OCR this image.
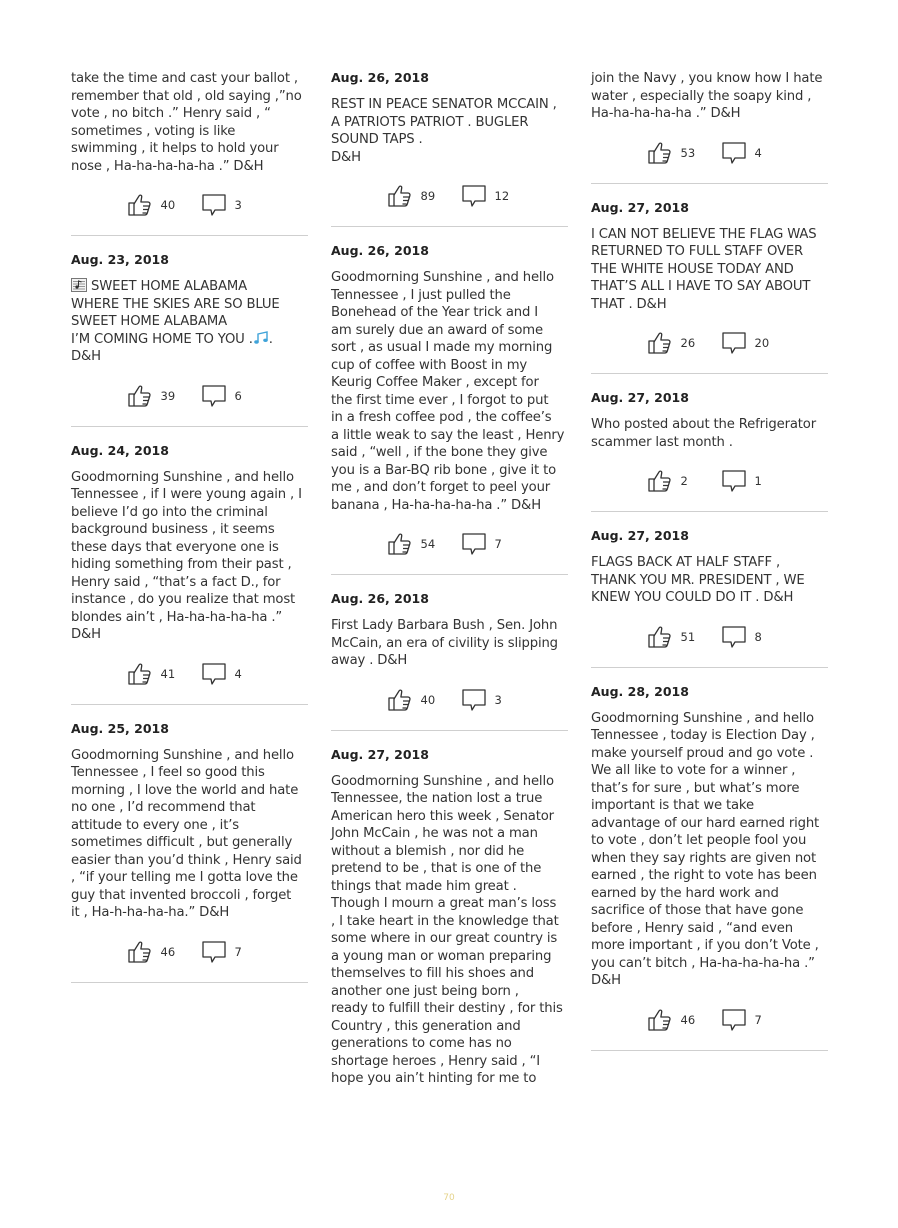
take the time and cast your ballot ,
remember that old , old saying ,”no
vote , no bitch .” Henry said , “
sometimes , voting is like
swimming , it helps to hold your
nose , Ha-ha-ha-ha-ha .” D&H
40	3
Aug. 23, 2018
SWEET HOME ALABAMA
WHERE THE SKIES ARE SO BLUE
SWEET HOME ALABAMA
I’M COMING HOME TO YOU . .
D&H
39	6
Aug. 24, 2018
Goodmorning Sunshine , and hello
Tennessee , if I were young again , I
believe I’d go into the criminal
background business , it seems
these days that everyone one is
hiding something from their past ,
Henry said , “that’s a fact D., for
instance , do you realize that most
blondes ain’t , Ha-ha-ha-ha-ha .”
D&H
41	4
Aug. 25, 2018
Goodmorning Sunshine , and hello
Tennessee , I feel so good this
morning , I love the world and hate
no one , I’d recommend that
attitude to every one , it’s
sometimes difficult , but generally
easier than you’d think , Henry said
, “if your telling me I gotta love the
guy that invented broccoli , forget
it , Ha-h-ha-ha-ha.” D&H
46	7
Aug. 26, 2018
REST IN PEACE SENATOR MCCAIN ,
A PATRIOTS PATRIOT . BUGLER
SOUND TAPS .
D&H
89	12
Aug. 26, 2018
Goodmorning Sunshine , and hello
Tennessee , I just pulled the
Bonehead of the Year trick and I
am surely due an award of some
sort , as usual I made my morning
cup of coffee with Boost in my
Keurig Coffee Maker , except for
the first time ever , I forgot to put
in a fresh coffee pod , the coffee’s
a little weak to say the least , Henry
said , “well , if the bone they give
you is a Bar-BQ rib bone , give it to
me , and don’t forget to peel your
banana , Ha-ha-ha-ha-ha .” D&H
54	7
Aug. 26, 2018
First Lady Barbara Bush , Sen. John
McCain, an era of civility is slipping
away . D&H
40	3
Aug. 27, 2018
Goodmorning Sunshine , and hello
Tennessee, the nation lost a true
American hero this week , Senator
John McCain , he was not a man
without a blemish , nor did he
pretend to be , that is one of the
things that made him great .
Though I mourn a great man’s loss
, I take heart in the knowledge that
some where in our great country is
a young man or woman preparing
themselves to fill his shoes and
another one just being born ,
ready to fulfill their destiny , for this
Country , this generation and
generations to come has no
shortage heroes , Henry said , “I
hope you ain’t hinting for me to
join the Navy , you know how I hate
water , especially the soapy kind ,
Ha-ha-ha-ha-ha .” D&H
53	4
Aug. 27, 2018
I CAN NOT BELIEVE THE FLAG WAS
RETURNED TO FULL STAFF OVER
THE WHITE HOUSE TODAY AND
THAT’S ALL I HAVE TO SAY ABOUT
THAT . D&H
26	20
Aug. 27, 2018
Who posted about the Refrigerator
scammer last month .
2	1
Aug. 27, 2018
FLAGS BACK AT HALF STAFF ,
THANK YOU MR. PRESIDENT , WE
KNEW YOU COULD DO IT . D&H
51	8
Aug. 28, 2018
Goodmorning Sunshine , and hello
Tennessee , today is Election Day ,
make yourself proud and go vote .
We all like to vote for a winner ,
that’s for sure , but what’s more
important is that we take
advantage of our hard earned right
to vote , don’t let people fool you
when they say rights are given not
earned , the right to vote has been
earned by the hard work and
sacrifice of those that have gone
before , Henry said , “and even
more important , if you don’t Vote ,
you can’t bitch , Ha-ha-ha-ha-ha .”
D&H
46	7
70
